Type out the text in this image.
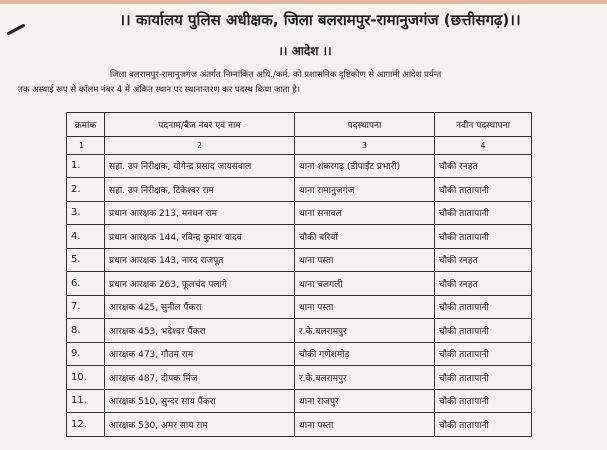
।। कार्यालय पुलिस अधीक्षक, जिला बलरामपुर-रामानुजगंज (छत्तीसगढ़)।।
।। आदेश ।।
जिला बलरामपुर-रामानुजगंज अंतर्गत निम्नांकित अधि./कर्म. को प्रशासनिक दृष्टिकोण से आगामी आदेश पर्यन्त
तक अस्थाई रूप से कॉलम नंबर 4 में अंकित स्थान पर स्थानान्तरण कर पदस्थ किया जाता है।
क्रमांक	पदनाम/बैज नंबर एवं नाम	पदस्थापना	नवीन पदस्थापना
1	2	3	4
1.	सहा. उप निरीक्षक, योगेन्द्र प्रसाद जायसवाल	थाना शंकरगढ़ (डीपाईंट प्रभारी)	चौकी रनहत
2.	सहा. उप निरीक्षक, टिकेश्वर राम	थाना रामानुजगंज	चौकी तातापानी
3.	प्रधान आरक्षक 213, मनधन राम	थाना सनावल	चौकी तातापानी
4.	प्रधान आरक्षक 144, रविन्द्र कुमार यादव	चौकी बरियों	चौकी तातापानी
5.	प्रधान आरक्षक 143, नारद राजपूत	थाना पस्ता	चौकी रनहत
6.	प्रधान आरक्षक 263, फूलचंद पलागे	थाना चलगली	चौकी रनहत
7.	आरक्षक 425, सुनील पैंकरा	थाना पस्ता	चौकी तातापानी
8.	आरक्षक 453, भदेश्वर पैंकरा	र.के.बलरामपुर	चौकी तातापानी
9.	आरक्षक 473, गौतम राम	चौकी गणेशमोड़	चौकी तातापानी
10.	आरक्षक 487, दीपक मिंज	र.के.बलरामपुर	चौकी तातापानी
11.	आरक्षक 510, सुन्दर साय पैंकरा	थाना राजपुर	चौकी तातापानी
12.	आरक्षक 530, अमर साय राम	थाना पस्ता	चौकी तातापानी
